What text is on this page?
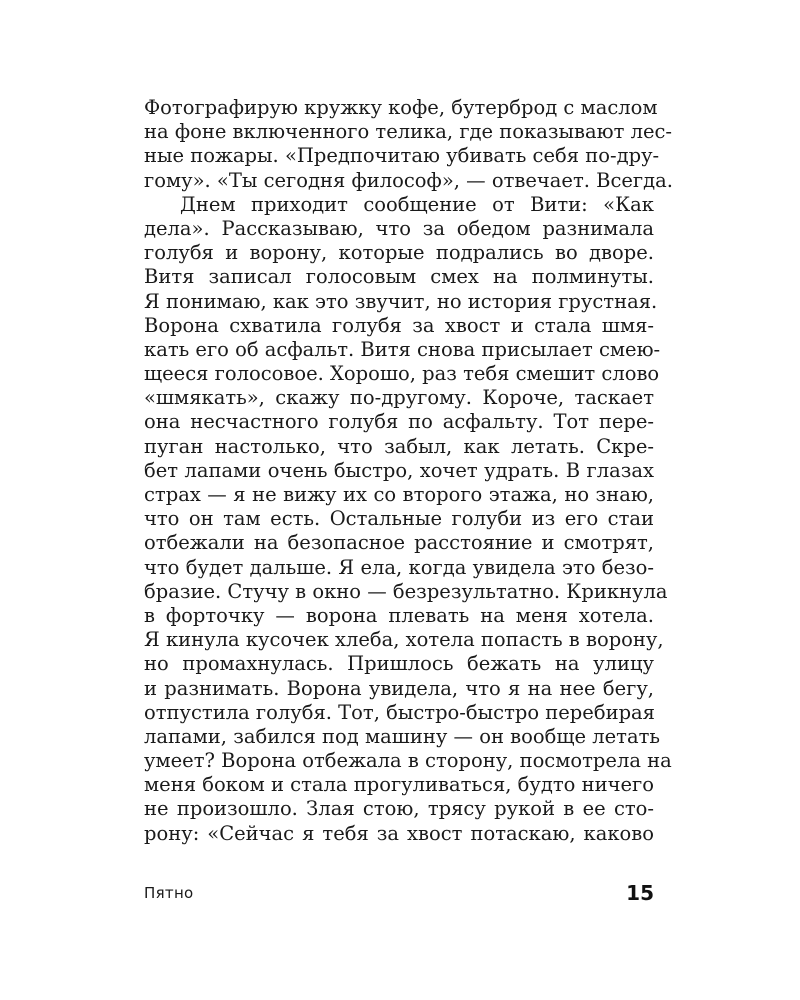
Фотографирую кружку кофе, бутерброд с маслом
на фоне включенного телика, где показывают лес-
ные пожары. «Предпочитаю убивать себя по-дру-
гому». «Ты сегодня философ», — отвечает. Всегда.
Днем приходит сообщение от Вити: «Как
дела». Рассказываю, что за обедом разнимала
голубя и ворону, которые подрались во дворе.
Витя записал голосовым смех на полминуты.
Я понимаю, как это звучит, но история грустная.
Ворона схватила голубя за хвост и стала шмя-
кать его об асфальт. Витя снова присылает смею-
щееся голосовое. Хорошо, раз тебя смешит слово
«шмякать», скажу по-другому. Короче, таскает
она несчастного голубя по асфальту. Тот пере-
пуган настолько, что забыл, как летать. Скре-
бет лапами очень быстро, хочет удрать. В глазах
страх — я не вижу их со второго этажа, но знаю,
что он там есть. Остальные голуби из его стаи
отбежали на безопасное расстояние и смотрят,
что будет дальше. Я ела, когда увидела это безо-
бразие. Стучу в окно — безрезультатно. Крикнула
в форточку — ворона плевать на меня хотела.
Я кинула кусочек хлеба, хотела попасть в ворону,
но промахнулась. Пришлось бежать на улицу
и разнимать. Ворона увидела, что я на нее бегу,
отпустила голубя. Тот, быстро-быстро перебирая
лапами, забился под машину — он вообще летать
умеет? Ворона отбежала в сторону, посмотрела на
меня боком и стала прогуливаться, будто ничего
не произошло. Злая стою, трясу рукой в ее сто-
рону: «Сейчас я тебя за хвост потаскаю, каково
Пятно	15
